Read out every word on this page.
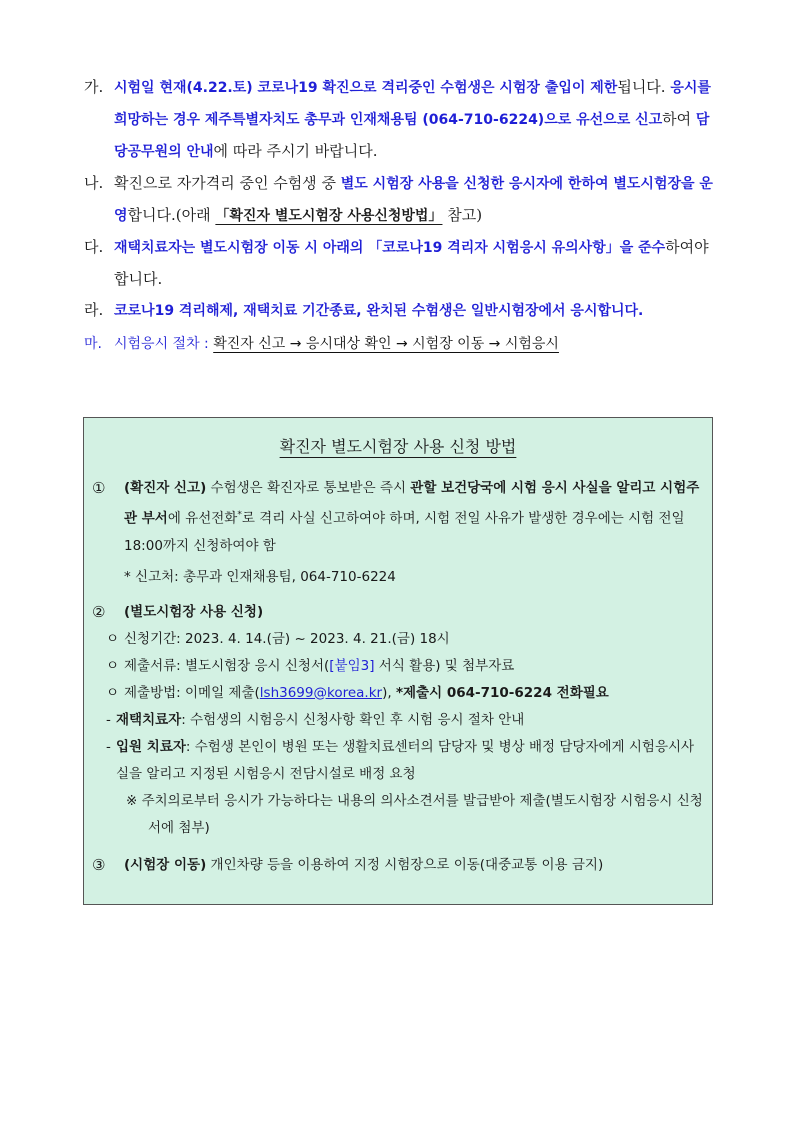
가. 시험일 현재(4.22.토) 코로나19 확진으로 격리중인 수험생은 시험장 출입이 제한됩니다. 응시를 희망하는 경우 제주특별자치도 총무과 인재채용팀 (064-710-6224)으로 유선으로 신고하여 담당공무원의 안내에 따라 주시기 바랍니다.
나. 확진으로 자가격리 중인 수험생 중 별도 시험장 사용을 신청한 응시자에 한하여 별도시험장을 운영합니다.(아래 「확진자 별도시험장 사용신청방법」 참고)
다. 재택치료자는 별도시험장 이동 시 아래의 「코로나19 격리자 시험응시 유의사항」을 준수하여야 합니다.
라. 코로나19 격리해제, 재택치료 기간종료, 완치된 수험생은 일반시험장에서 응시합니다.
마. 시험응시 절차 : 확진자 신고 → 응시대상 확인 → 시험장 이동 → 시험응시
확진자 별도시험장 사용 신청 방법
① (확진자 신고) 수험생은 확진자로 통보받은 즉시 관할 보건당국에 시험 응시 사실을 알리고 시험주관 부서에 유선전화*로 격리 사실 신고하여야 하며, 시험 전일 사유가 발생한 경우에는 시험 전일 18:00까지 신청하여야 함
* 신고처: 총무과 인재채용팀, 064-710-6224
② (별도시험장 사용 신청)
ㅇ 신청기간: 2023. 4. 14.(금) ~ 2023. 4. 21.(금) 18시
ㅇ 제출서류: 별도시험장 응시 신청서([붙임3] 서식 활용) 및 첨부자료
ㅇ 제출방법: 이메일 제출(lsh3699@korea.kr), *제출시 064-710-6224 전화필요
- 재택치료자: 수험생의 시험응시 신청사항 확인 후 시험 응시 절차 안내
- 입원 치료자: 수험생 본인이 병원 또는 생활치료센터의 담당자 및 병상 배정 담당자에게 시험응시사실을 알리고 지정된 시험응시 전담시설로 배정 요청
※ 주치의로부터 응시가 가능하다는 내용의 의사소견서를 발급받아 제출(별도시험장 시험응시 신청서에 첨부)
③ (시험장 이동) 개인차량 등을 이용하여 지정 시험장으로 이동(대중교통 이용 금지)
